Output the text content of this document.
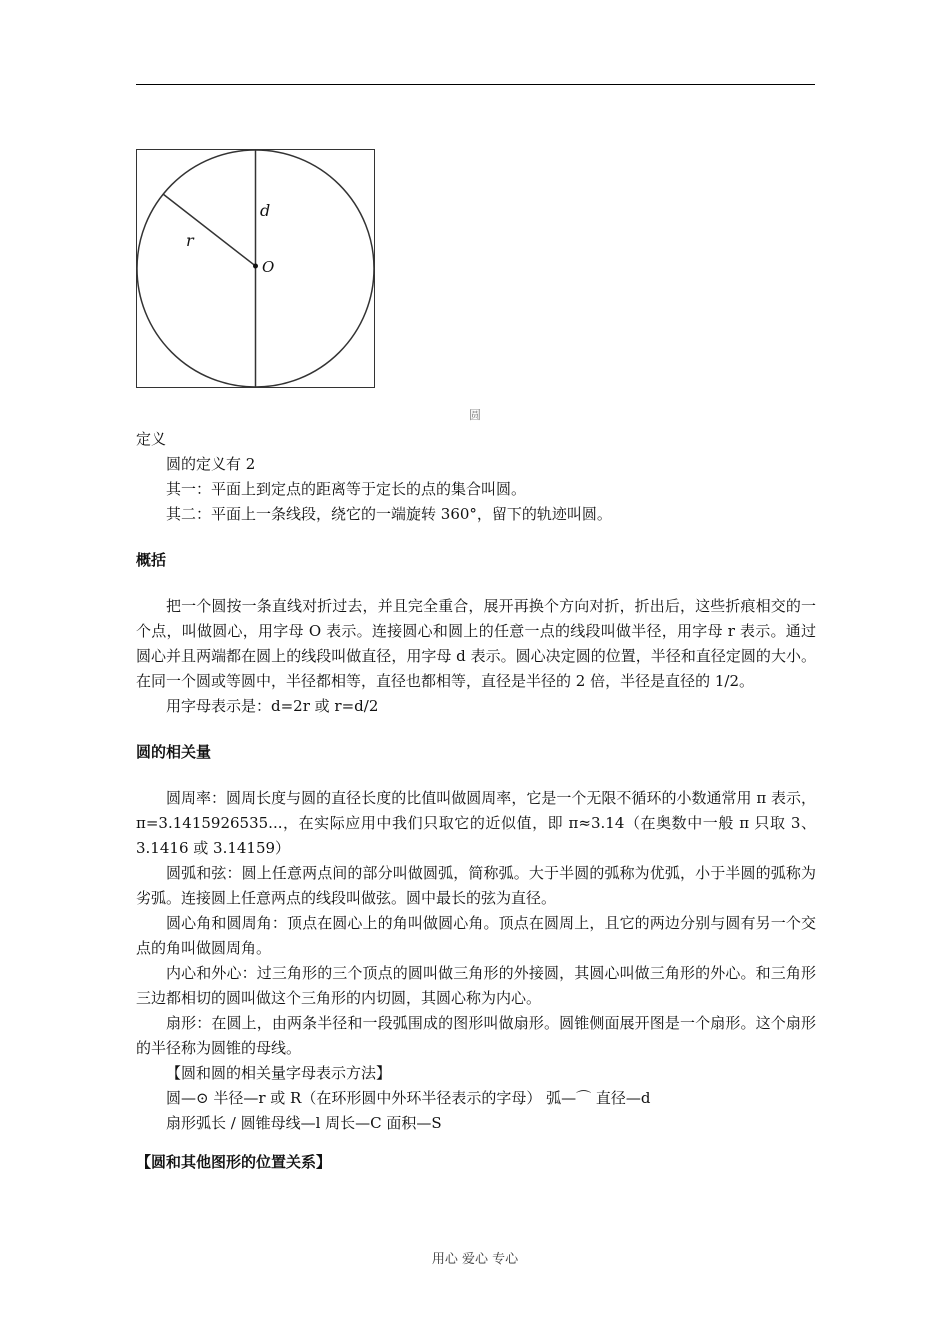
d
r
O
圆

定义

圆的定义有 2

其一：平面上到定点的距离等于定长的点的集合叫圆。

其二：平面上一条线段，绕它的一端旋转 360°，留下的轨迹叫圆。

概括

把一个圆按一条直线对折过去，并且完全重合，展开再换个方向对折，折出后，这些折痕相交的一个点，叫做圆心，用字母 O 表示。连接圆心和圆上的任意一点的线段叫做半径，用字母 r 表示。通过圆心并且两端都在圆上的线段叫做直径，用字母 d 表示。圆心决定圆的位置，半径和直径定圆的大小。在同一个圆或等圆中，半径都相等，直径也都相等，直径是半径的 2 倍，半径是直径的 1/2。

用字母表示是：d=2r 或 r=d/2

圆的相关量

圆周率：圆周长度与圆的直径长度的比值叫做圆周率，它是一个无限不循环的小数通常用 π 表示，π=3.1415926535...，在实际应用中我们只取它的近似值，即 π≈3.14（在奥数中一般 π 只取 3、3.1416 或 3.14159）

圆弧和弦：圆上任意两点间的部分叫做圆弧，简称弧。大于半圆的弧称为优弧，小于半圆的弧称为劣弧。连接圆上任意两点的线段叫做弦。圆中最长的弦为直径。

圆心角和圆周角：顶点在圆心上的角叫做圆心角。顶点在圆周上，且它的两边分别与圆有另一个交点的角叫做圆周角。

内心和外心：过三角形的三个顶点的圆叫做三角形的外接圆，其圆心叫做三角形的外心。和三角形三边都相切的圆叫做这个三角形的内切圆，其圆心称为内心。

扇形：在圆上，由两条半径和一段弧围成的图形叫做扇形。圆锥侧面展开图是一个扇形。这个扇形的半径称为圆锥的母线。

【圆和圆的相关量字母表示方法】

圆—⊙ 半径—r 或 R（在环形圆中外环半径表示的字母） 弧—⌒ 直径—d

扇形弧长 / 圆锥母线—l 周长—C 面积—S

【圆和其他图形的位置关系】

用心 爱心 专心
